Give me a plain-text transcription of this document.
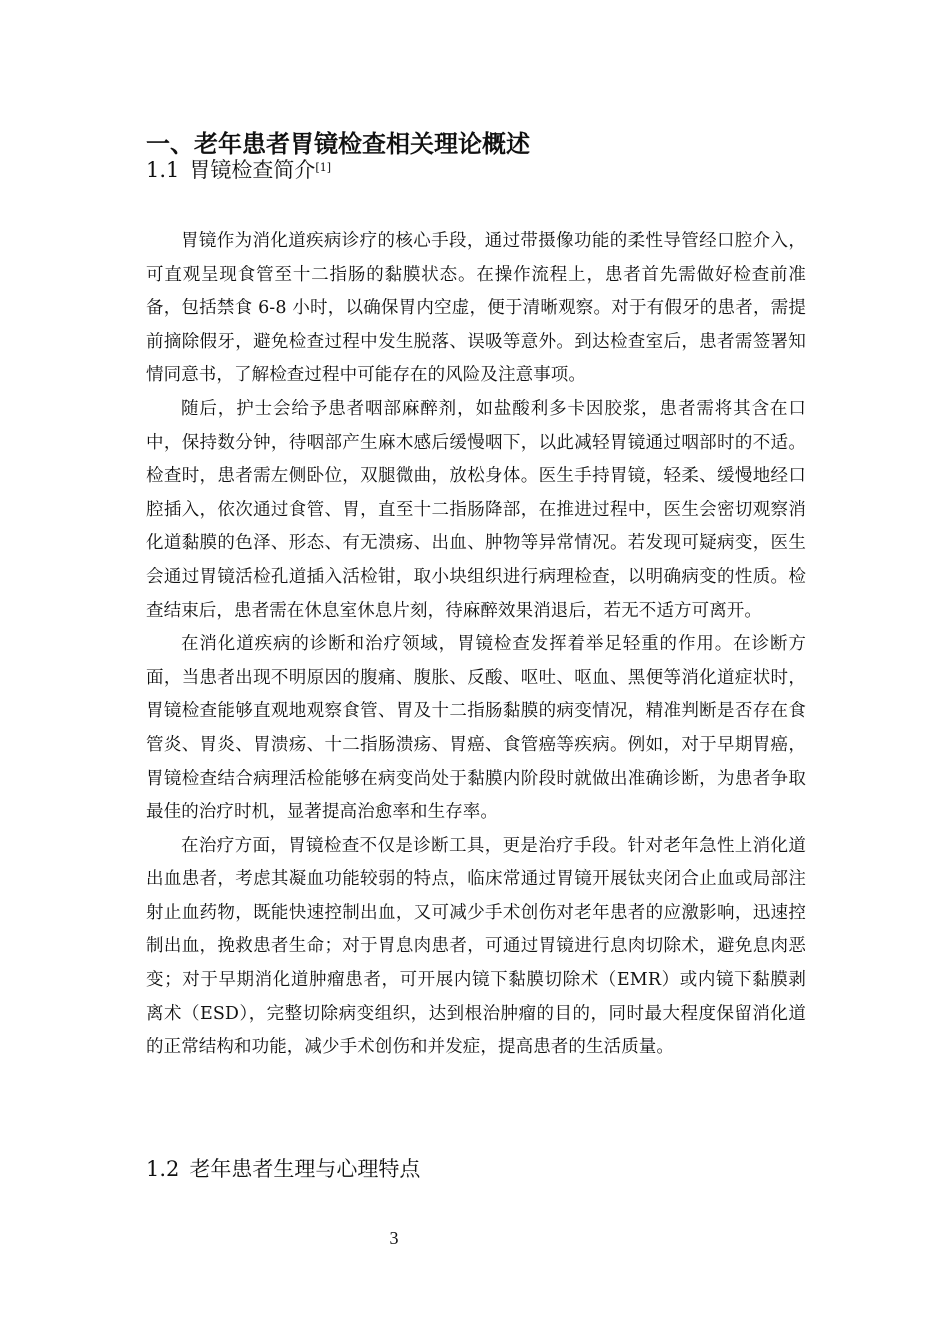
一、老年患者胃镜检查相关理论概述
1.1 胃镜检查简介[1]

胃镜作为消化道疾病诊疗的核心手段，通过带摄像功能的柔性导管经口腔介入，可直观呈现食管至十二指肠的黏膜状态。在操作流程上，患者首先需做好检查前准备，包括禁食 6-8 小时，以确保胃内空虚，便于清晰观察。对于有假牙的患者，需提前摘除假牙，避免检查过程中发生脱落、误吸等意外。到达检查室后，患者需签署知情同意书，了解检查过程中可能存在的风险及注意事项。

随后，护士会给予患者咽部麻醉剂，如盐酸利多卡因胶浆，患者需将其含在口中，保持数分钟，待咽部产生麻木感后缓慢咽下，以此减轻胃镜通过咽部时的不适。检查时，患者需左侧卧位，双腿微曲，放松身体。医生手持胃镜，轻柔、缓慢地经口腔插入，依次通过食管、胃，直至十二指肠降部，在推进过程中，医生会密切观察消化道黏膜的色泽、形态、有无溃疡、出血、肿物等异常情况。若发现可疑病变，医生会通过胃镜活检孔道插入活检钳，取小块组织进行病理检查，以明确病变的性质。检查结束后，患者需在休息室休息片刻，待麻醉效果消退后，若无不适方可离开。

在消化道疾病的诊断和治疗领域，胃镜检查发挥着举足轻重的作用。在诊断方面，当患者出现不明原因的腹痛、腹胀、反酸、呕吐、呕血、黑便等消化道症状时，胃镜检查能够直观地观察食管、胃及十二指肠黏膜的病变情况，精准判断是否存在食管炎、胃炎、胃溃疡、十二指肠溃疡、胃癌、食管癌等疾病。例如，对于早期胃癌，胃镜检查结合病理活检能够在病变尚处于黏膜内阶段时就做出准确诊断，为患者争取最佳的治疗时机，显著提高治愈率和生存率。

在治疗方面，胃镜检查不仅是诊断工具，更是治疗手段。针对老年急性上消化道出血患者，考虑其凝血功能较弱的特点，临床常通过胃镜开展钛夹闭合止血或局部注射止血药物，既能快速控制出血，又可减少手术创伤对老年患者的应激影响，迅速控制出血，挽救患者生命；对于胃息肉患者，可通过胃镜进行息肉切除术，避免息肉恶变；对于早期消化道肿瘤患者，可开展内镜下黏膜切除术（EMR）或内镜下黏膜剥离术（ESD），完整切除病变组织，达到根治肿瘤的目的，同时最大程度保留消化道的正常结构和功能，减少手术创伤和并发症，提高患者的生活质量。

1.2 老年患者生理与心理特点
3
